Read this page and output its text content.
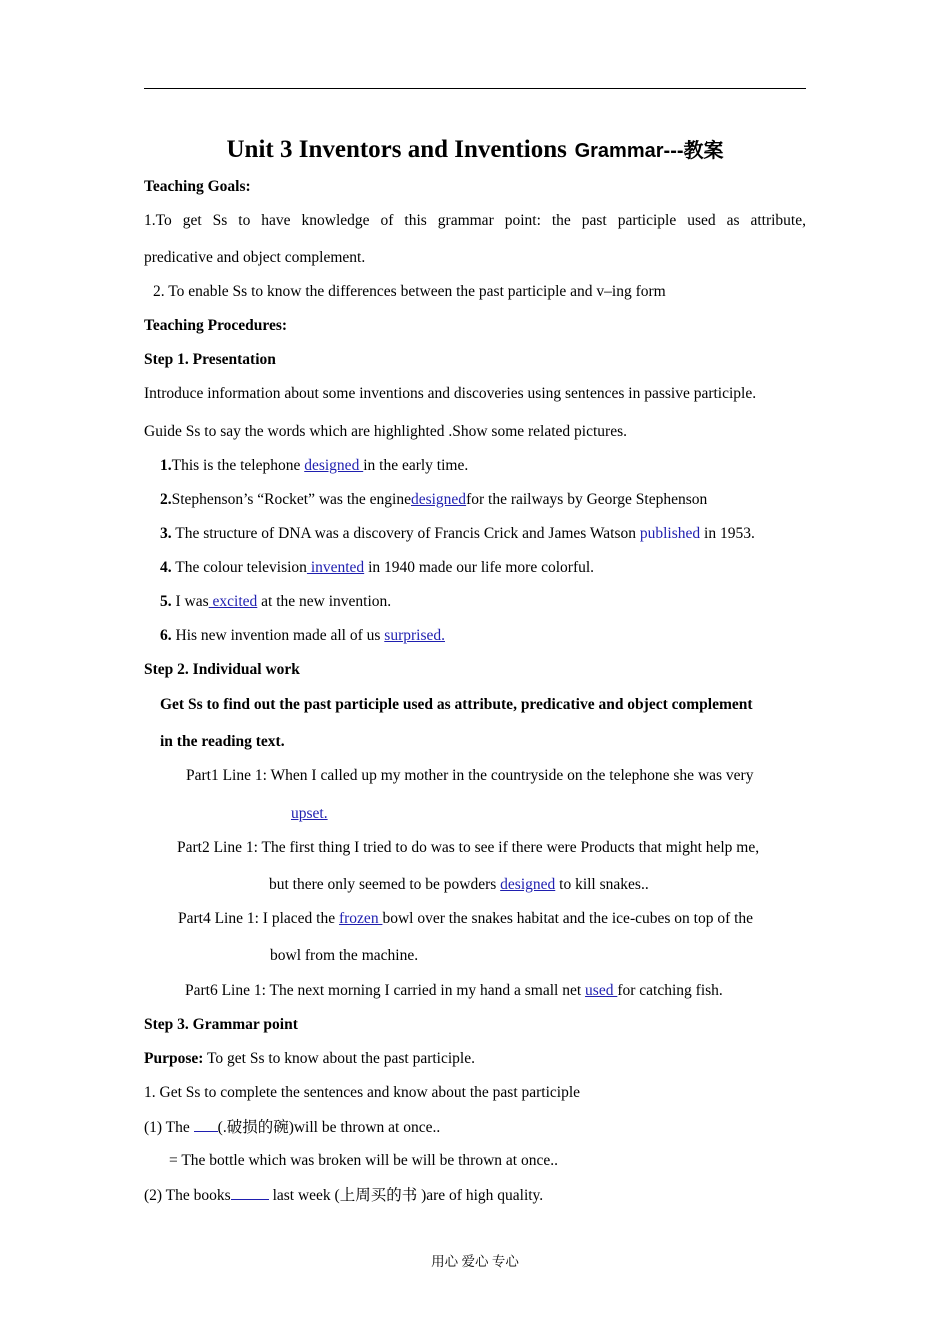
Unit 3 Inventors and Inventions Grammar---教案
Teaching Goals:
1.To get Ss to have knowledge of this grammar point: the past participle used as attribute,
predicative and object complement.
2. To enable Ss to know the differences between the past participle and v–ing form
Teaching Procedures:
Step 1. Presentation
Introduce information about some inventions and discoveries using sentences in passive participle.
Guide Ss to say the words which are highlighted .Show some related pictures.
1.This is the telephone designed in the early time.
2.Stephenson’s “Rocket” was the enginedesignedfor the railways by George Stephenson
3. The structure of DNA was a discovery of Francis Crick and James Watson published in 1953.
4. The colour television invented in 1940 made our life more colorful.
5. I was excited at the new invention.
6. His new invention made all of us surprised.
Step 2. Individual work
Get Ss to find out the past participle used as attribute, predicative and object complement
in the reading text.
Part1 Line 1: When I called up my mother in the countryside on the telephone she was very
upset.
Part2 Line 1: The first thing I tried to do was to see if there were Products that might help me,
but there only seemed to be powders designed to kill snakes..
Part4 Line 1: I placed the frozen bowl over the snakes habitat and the ice-cubes on top of the
bowl from the machine.
Part6 Line 1: The next morning I carried in my hand a small net used for catching fish.
Step 3. Grammar point
Purpose: To get Ss to know about the past participle.
1. Get Ss to complete the sentences and know about the past participle
(1) The (.破损的碗)will be thrown at once..
= The bottle which was broken will be will be thrown at once..
(2) The books last week (上周买的书 )are of high quality.
用心 爱心 专心
